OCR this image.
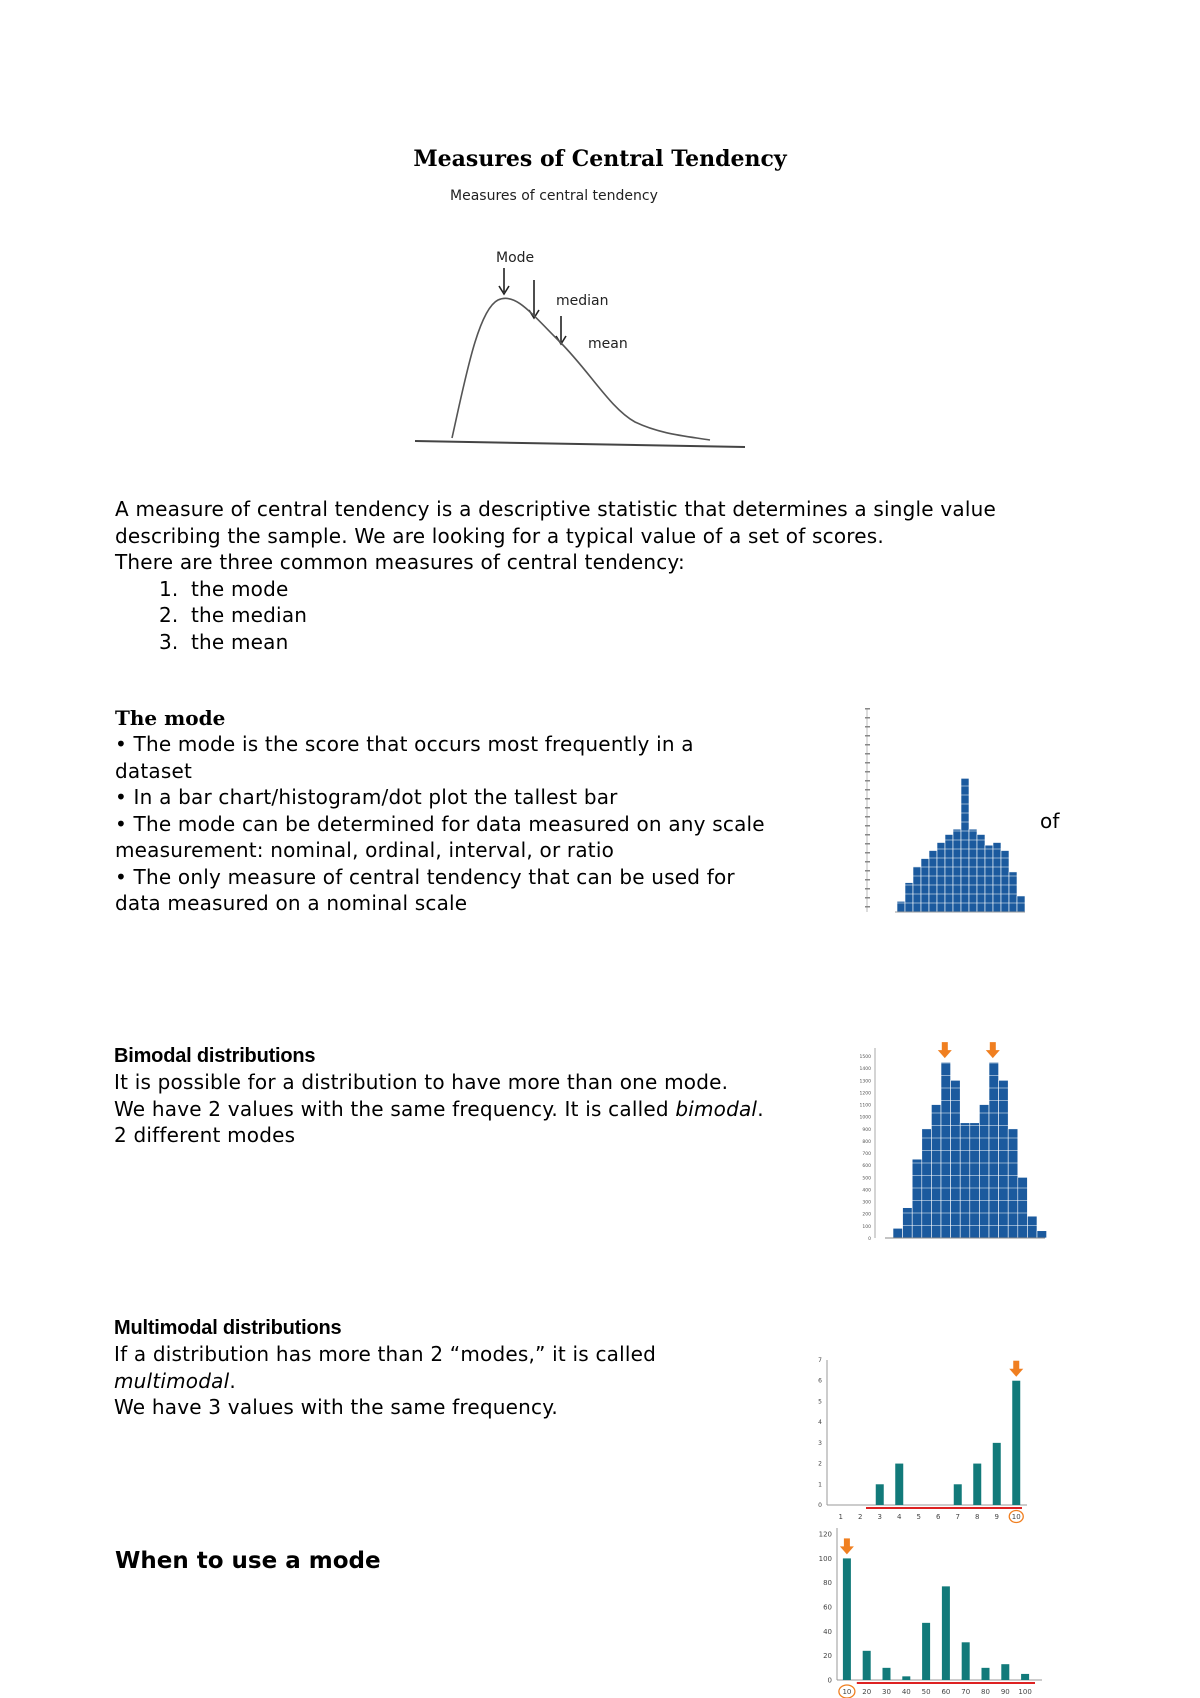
Measures of Central Tendency
Measures of central tendency
Mode
median
mean
A measure of central tendency is a descriptive statistic that determines a single value
describing the sample. We are looking for a typical value of a set of scores.
There are three common measures of central tendency:
1. the mode
2. the median
3. the mean
The mode
• The mode is the score that occurs most frequently in a
dataset
• In a bar chart/histogram/dot plot the tallest bar
• The mode can be determined for data measured on any scale
measurement: nominal, ordinal, interval, or ratio
• The only measure of central tendency that can be used for
data measured on a nominal scale
of
Bimodal distributions
It is possible for a distribution to have more than one mode.
We have 2 values with the same frequency. It is called bimodal.
2 different modes
0
100
200
300
400
500
600
700
800
900
1000
1100
1200
1300
1400
1500
Multimodal distributions
If a distribution has more than 2 “modes,” it is called
multimodal.
We have 3 values with the same frequency.
0
1
2
3
4
5
6
7
1 2 3 4 5 6 7 8 9 10
When to use a mode
0
20
40
60
80
100
120
10 20 30 40 50 60 70 80 90 100
